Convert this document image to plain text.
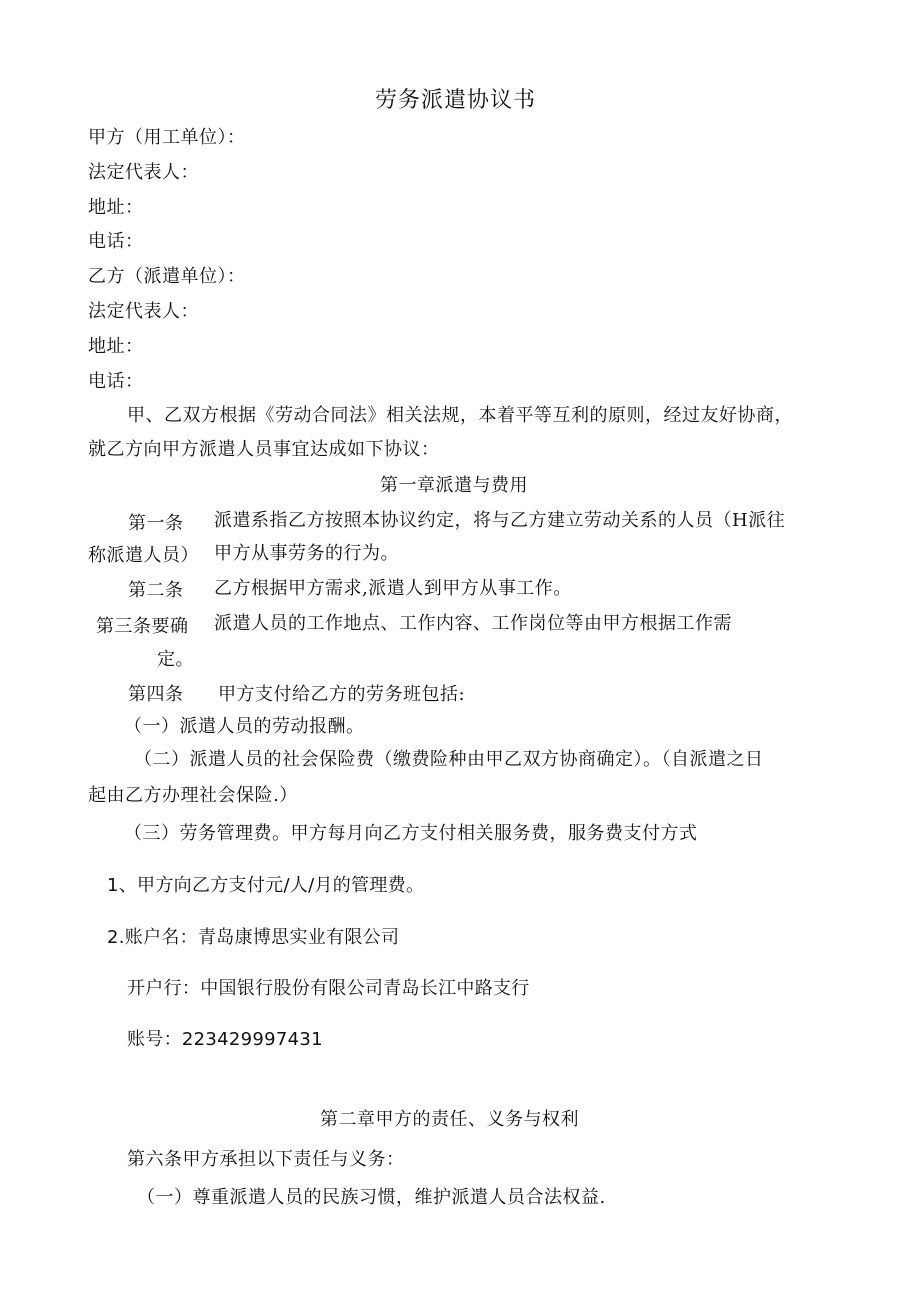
劳务派遣协议书
甲方（用工单位）：
法定代表人：
地址：
电话：
乙方（派遣单位）：
法定代表人：
地址：
电话：
甲、乙双方根据《劳动合同法》相关法规，本着平等互利的原则，经过友好协商，
就乙方向甲方派遣人员事宜达成如下协议：
第一章派遣与费用
第一条 派遣系指乙方按照本协议约定，将与乙方建立劳动关系的人员（H派往
称派遣人员） 甲方从事劳务的行为。
第二条 乙方根据甲方需求,派遣人到甲方从事工作。
第三条要确 派遣人员的工作地点、工作内容、工作岗位等由甲方根据工作需
定。
第四条 甲方支付给乙方的劳务班包括:
（一）派遣人员的劳动报酬。
（二）派遣人员的社会保险费（缴费险种由甲乙双方协商确定）。（自派遣之日
起由乙方办理社会保险.）
（三）劳务管理费。甲方每月向乙方支付相关服务费，服务费支付方式
1、甲方向乙方支付元/人/月的管理费。
2.账户名：青岛康博思实业有限公司
开户行：中国银行股份有限公司青岛长江中路支行
账号：223429997431
第二章甲方的责任、义务与权利
第六条甲方承担以下责任与义务：
（一）尊重派遣人员的民族习惯，维护派遣人员合法权益.
